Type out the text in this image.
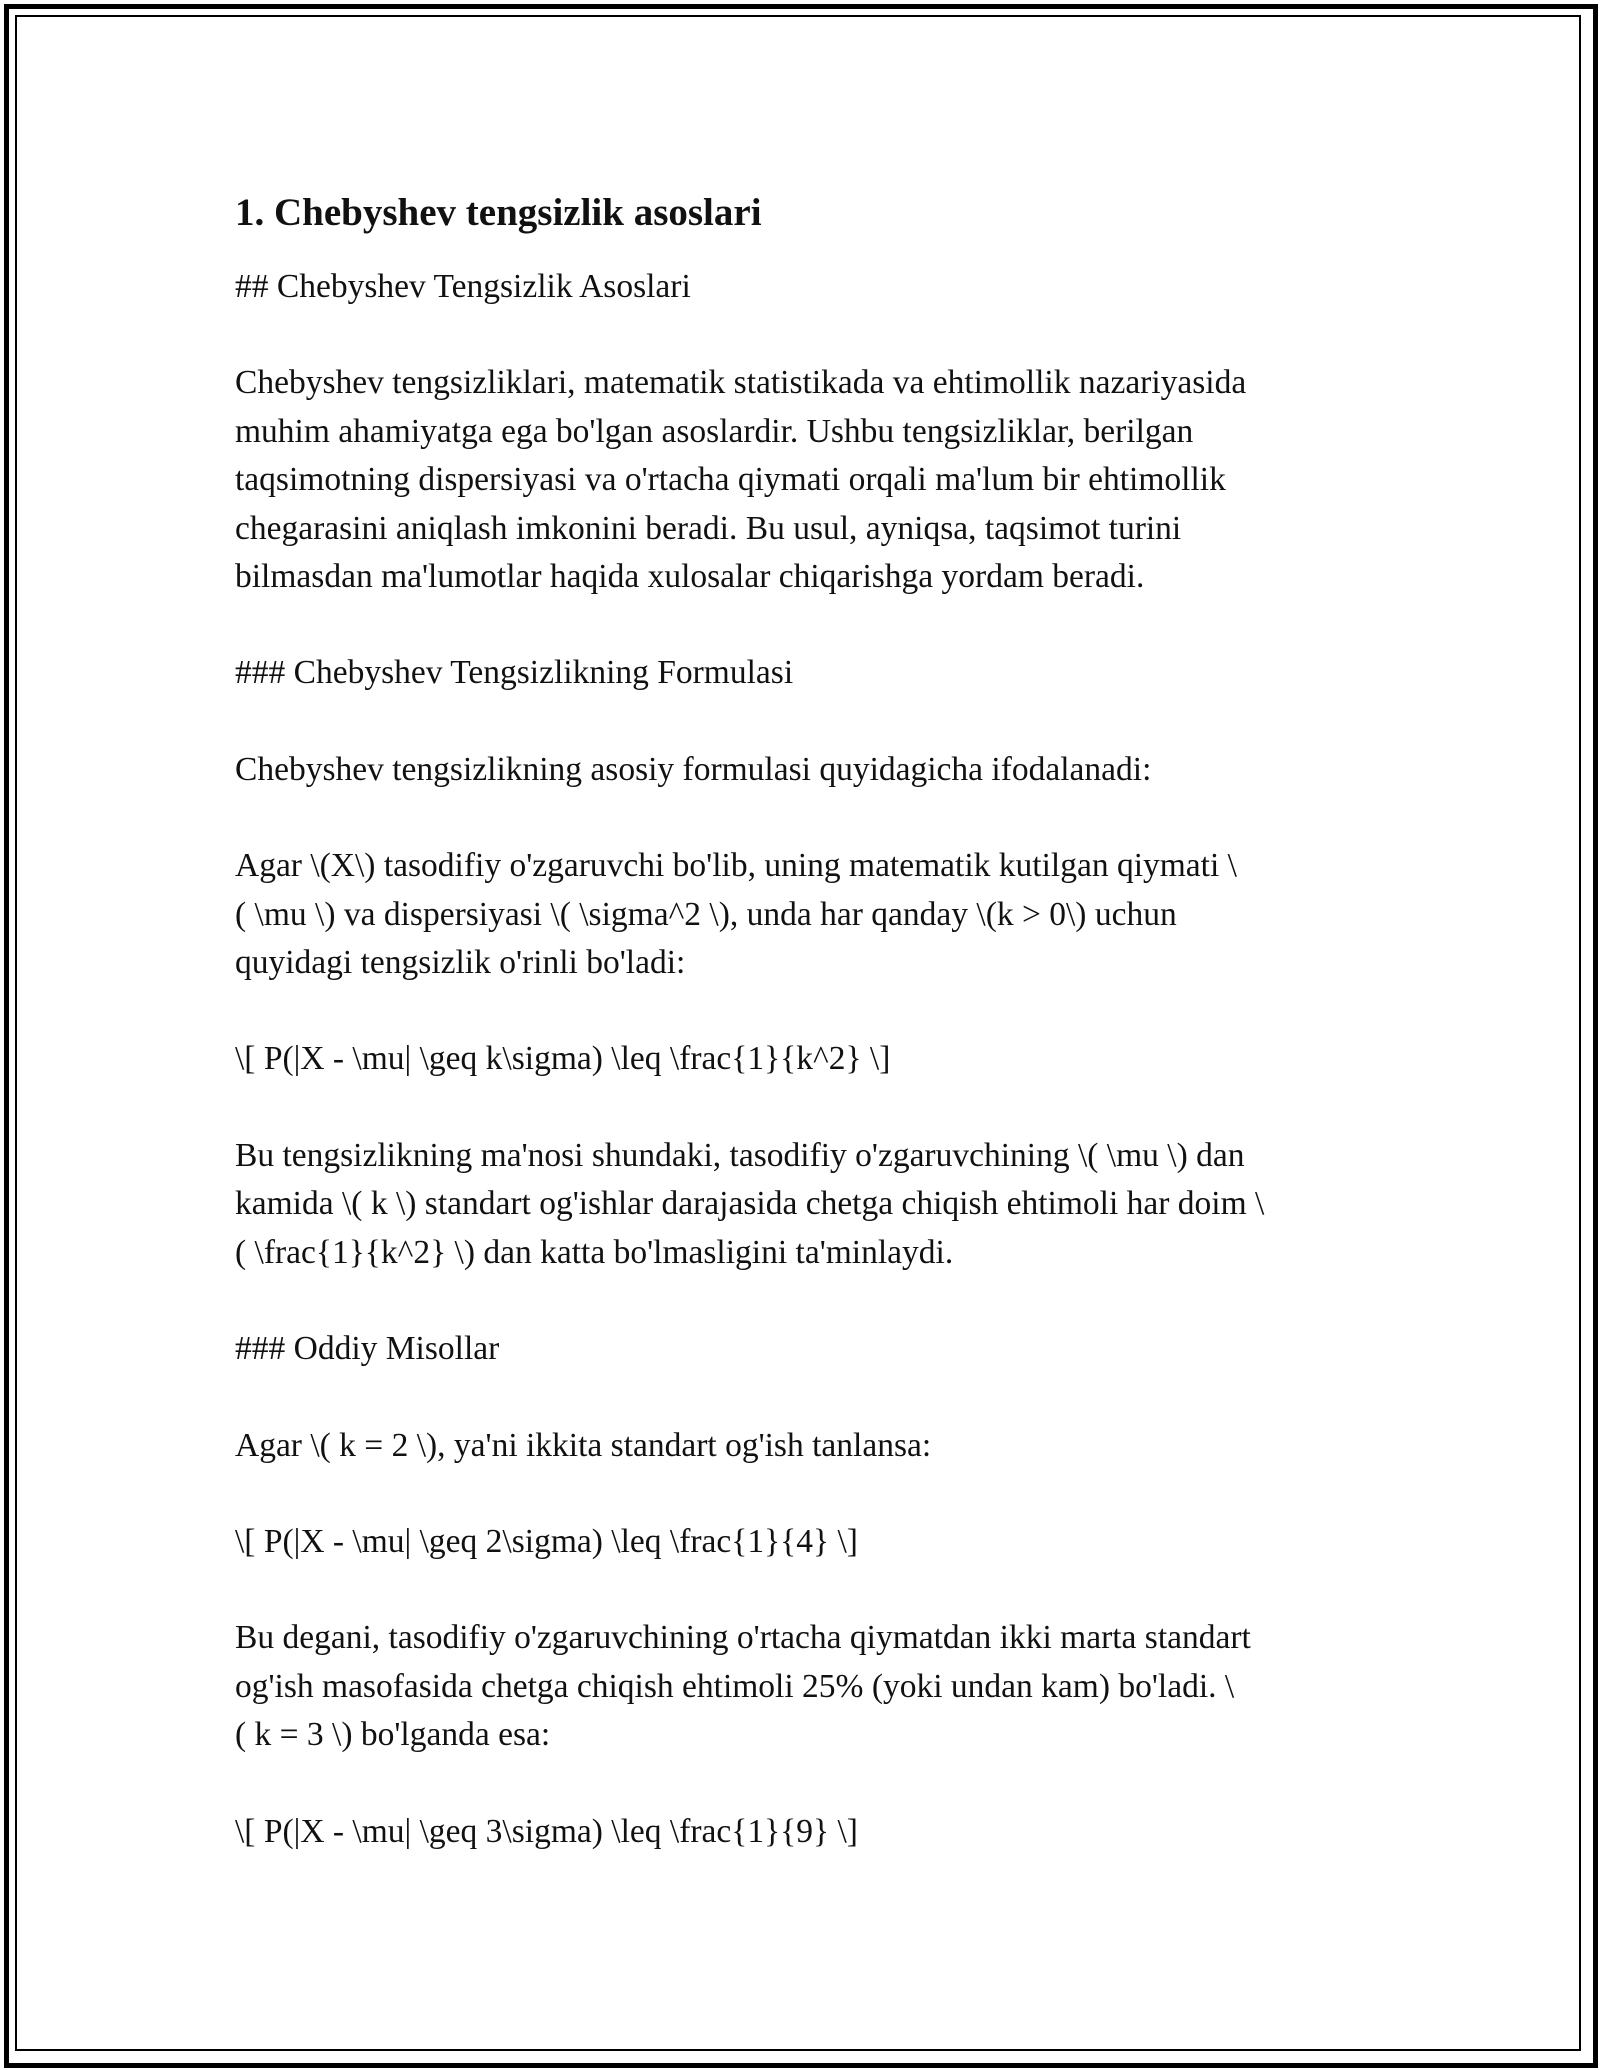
1. Chebyshev tengsizlik asoslari

## Chebyshev Tengsizlik Asoslari

Chebyshev tengsizliklari, matematik statistikada va ehtimollik nazariyasida
muhim ahamiyatga ega bo'lgan asoslardir. Ushbu tengsizliklar, berilgan
taqsimotning dispersiyasi va o'rtacha qiymati orqali ma'lum bir ehtimollik
chegarasini aniqlash imkonini beradi. Bu usul, ayniqsa, taqsimot turini
bilmasdan ma'lumotlar haqida xulosalar chiqarishga yordam beradi.

### Chebyshev Tengsizlikning Formulasi

Chebyshev tengsizlikning asosiy formulasi quyidagicha ifodalanadi:

Agar \(X\) tasodifiy o'zgaruvchi bo'lib, uning matematik kutilgan qiymati \
( \mu \) va dispersiyasi \( \sigma^2 \), unda har qanday \(k > 0\) uchun
quyidagi tengsizlik o'rinli bo'ladi:

\[ P(|X - \mu| \geq k\sigma) \leq \frac{1}{k^2} \]

Bu tengsizlikning ma'nosi shundaki, tasodifiy o'zgaruvchining \( \mu \) dan
kamida \( k \) standart og'ishlar darajasida chetga chiqish ehtimoli har doim \
( \frac{1}{k^2} \) dan katta bo'lmasligini ta'minlaydi.

### Oddiy Misollar

Agar \( k = 2 \), ya'ni ikkita standart og'ish tanlansa:

\[ P(|X - \mu| \geq 2\sigma) \leq \frac{1}{4} \]

Bu degani, tasodifiy o'zgaruvchining o'rtacha qiymatdan ikki marta standart
og'ish masofasida chetga chiqish ehtimoli 25% (yoki undan kam) bo'ladi. \
( k = 3 \) bo'lganda esa:

\[ P(|X - \mu| \geq 3\sigma) \leq \frac{1}{9} \]
